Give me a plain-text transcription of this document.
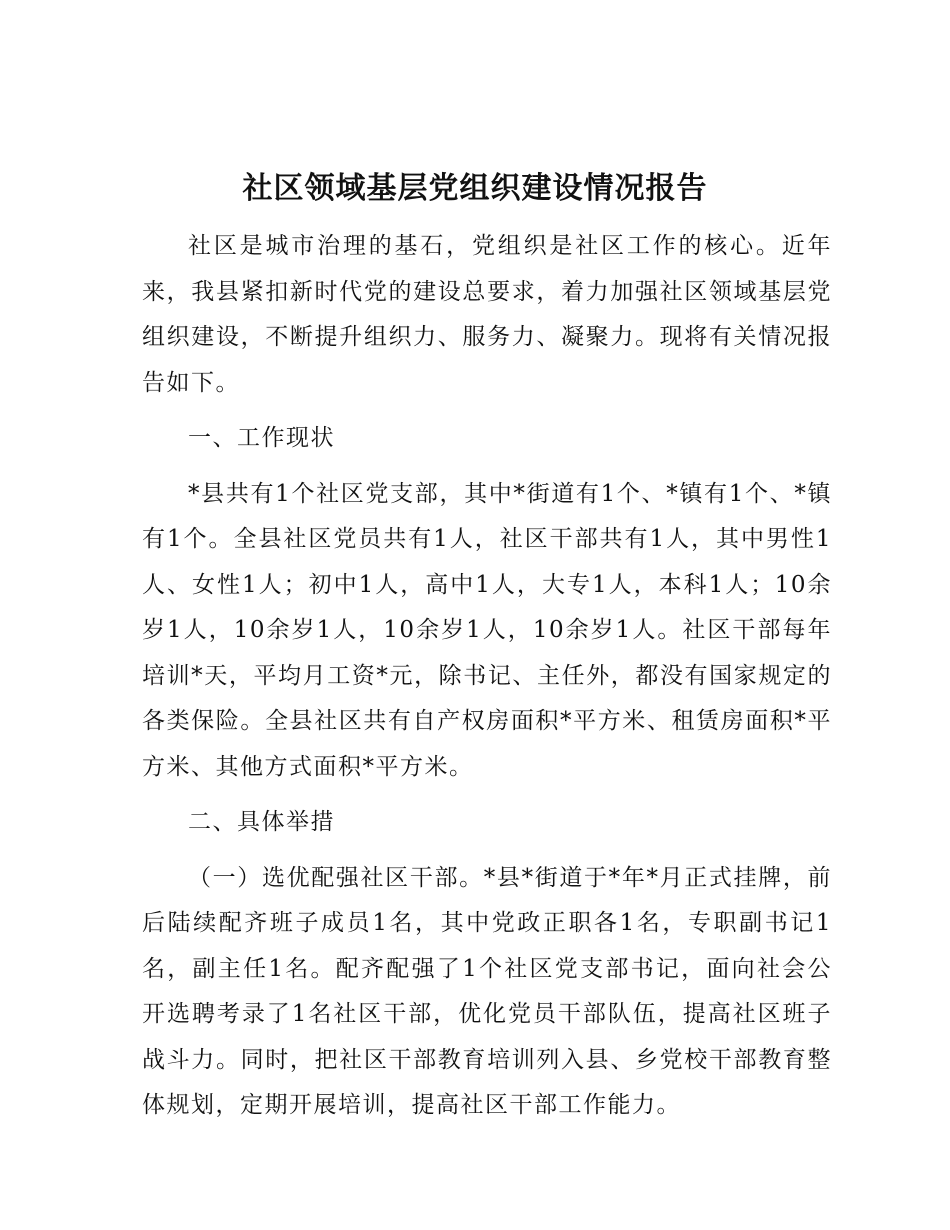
社区领域基层党组织建设情况报告

社区是城市治理的基石，党组织是社区工作的核心。近年来，我县紧扣新时代党的建设总要求，着力加强社区领域基层党组织建设，不断提升组织力、服务力、凝聚力。现将有关情况报告如下。

一、工作现状

*县共有1个社区党支部，其中*街道有1个、*镇有1个、*镇有1个。全县社区党员共有1人，社区干部共有1人，其中男性1人、女性1人；初中1人，高中1人，大专1人，本科1人；10余岁1人，10余岁1人，10余岁1人，10余岁1人。社区干部每年培训*天，平均月工资*元，除书记、主任外，都没有国家规定的各类保险。全县社区共有自产权房面积*平方米、租赁房面积*平方米、其他方式面积*平方米。

二、具体举措

（一）选优配强社区干部。*县*街道于*年*月正式挂牌，前后陆续配齐班子成员1名，其中党政正职各1名，专职副书记1名，副主任1名。配齐配强了1个社区党支部书记，面向社会公开选聘考录了1名社区干部，优化党员干部队伍，提高社区班子战斗力。同时，把社区干部教育培训列入县、乡党校干部教育整体规划，定期开展培训，提高社区干部工作能力。
